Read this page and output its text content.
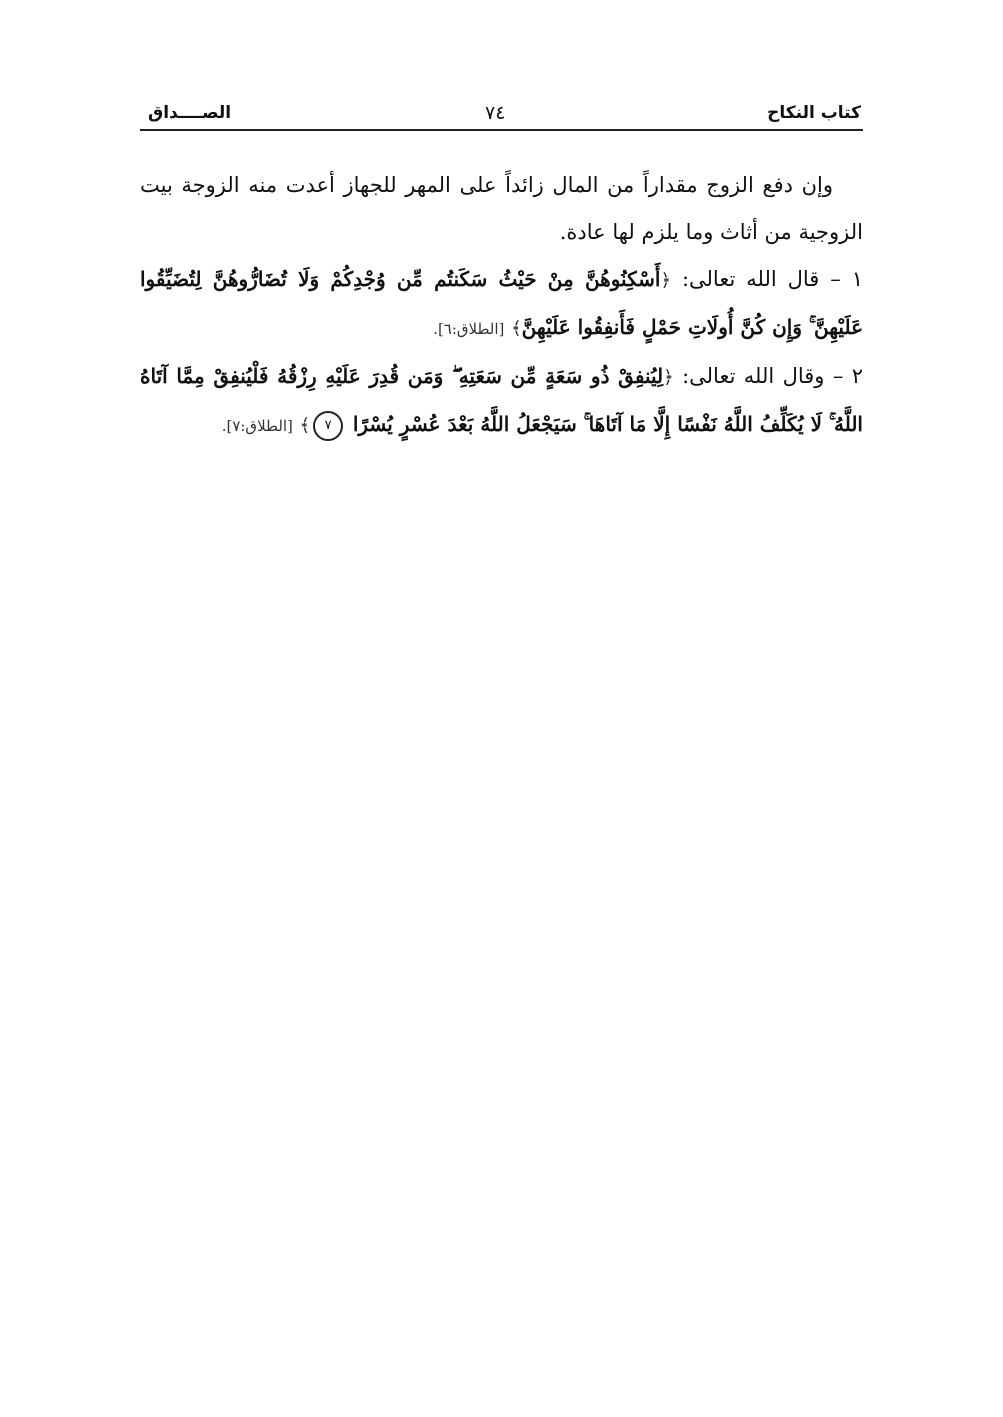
كتاب النكاح
٧٤
الصــــداق

وإن دفع الزوج مقداراً من المال زائداً على المهر للجهاز أعدت منه الزوجة بيت الزوجية من أثاث وما يلزم لها عادة.

١ – قال الله تعالى: ﴿أَسْكِنُوهُنَّ مِنْ حَيْثُ سَكَنتُم مِّن وُجْدِكُمْ وَلَا تُضَارُّوهُنَّ لِتُضَيِّقُوا عَلَيْهِنَّ ۚ وَإِن كُنَّ أُولَاتِ حَمْلٍ فَأَنفِقُوا عَلَيْهِنَّ﴾ [الطلاق:٦].

٢ – وقال الله تعالى: ﴿لِيُنفِقْ ذُو سَعَةٍ مِّن سَعَتِهِ ۖ وَمَن قُدِرَ عَلَيْهِ رِزْقُهُ فَلْيُنفِقْ مِمَّا آتَاهُ اللَّهُ ۚ لَا يُكَلِّفُ اللَّهُ نَفْسًا إِلَّا مَا آتَاهَا ۚ سَيَجْعَلُ اللَّهُ بَعْدَ عُسْرٍ يُسْرًا ٧﴾ [الطلاق:٧].
